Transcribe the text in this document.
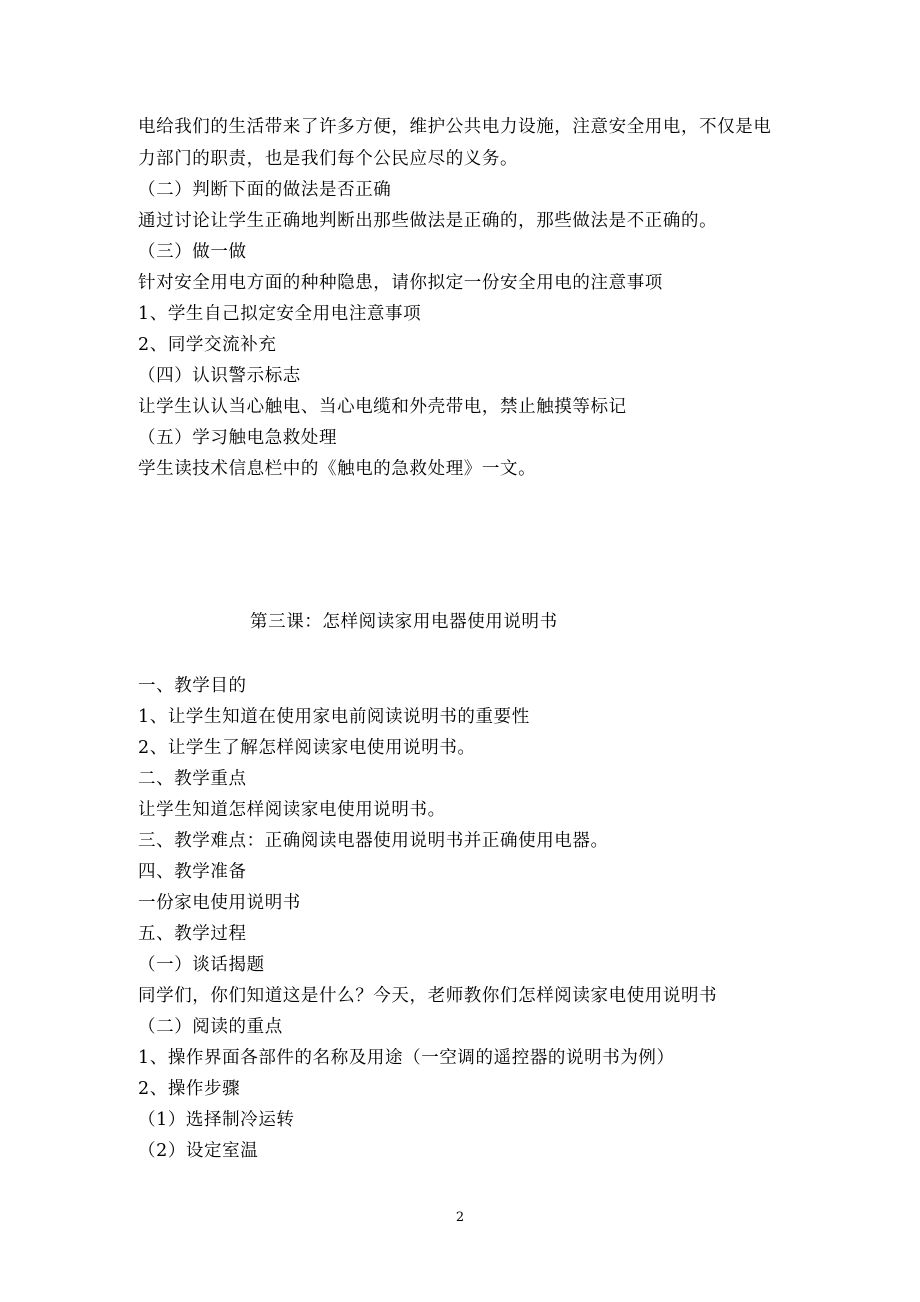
电给我们的生活带来了许多方便，维护公共电力设施，注意安全用电，不仅是电
力部门的职责，也是我们每个公民应尽的义务。
（二）判断下面的做法是否正确
通过讨论让学生正确地判断出那些做法是正确的，那些做法是不正确的。
（三）做一做
针对安全用电方面的种种隐患，请你拟定一份安全用电的注意事项
1、学生自己拟定安全用电注意事项
2、同学交流补充
（四）认识警示标志
让学生认认当心触电、当心电缆和外壳带电，禁止触摸等标记
（五）学习触电急救处理
学生读技术信息栏中的《触电的急救处理》一文。
第三课：怎样阅读家用电器使用说明书
一、教学目的
1、让学生知道在使用家电前阅读说明书的重要性
2、让学生了解怎样阅读家电使用说明书。
二、教学重点
让学生知道怎样阅读家电使用说明书。
三、教学难点：正确阅读电器使用说明书并正确使用电器。
四、教学准备
一份家电使用说明书
五、教学过程
（一）谈话揭题
同学们，你们知道这是什么？今天，老师教你们怎样阅读家电使用说明书
（二）阅读的重点
1、操作界面各部件的名称及用途（一空调的遥控器的说明书为例）
2、操作步骤
（1）选择制冷运转
（2）设定室温
2
